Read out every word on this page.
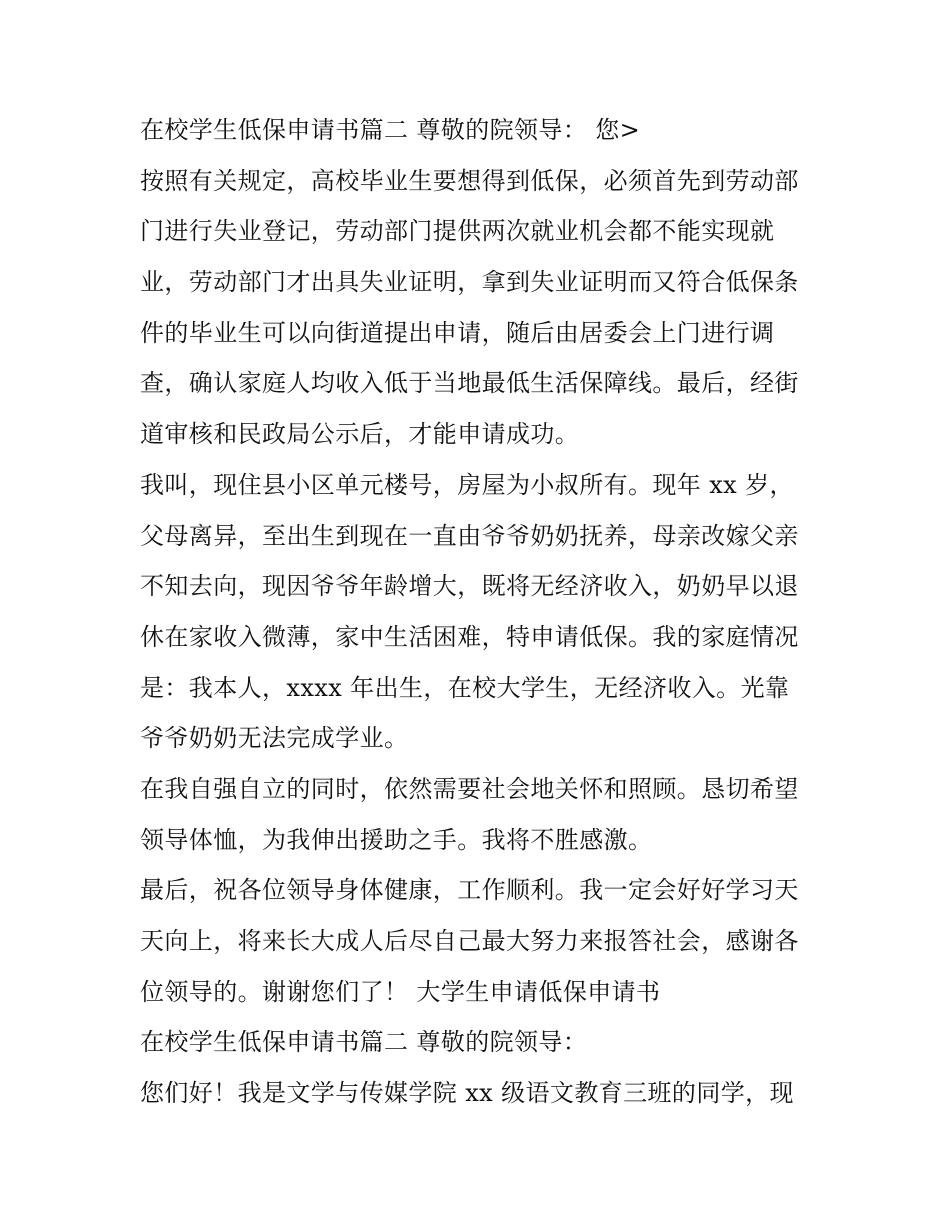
在校学生低保申请书篇二 尊敬的院领导： 您>
按照有关规定，高校毕业生要想得到低保，必须首先到劳动部
门进行失业登记，劳动部门提供两次就业机会都不能实现就
业，劳动部门才出具失业证明，拿到失业证明而又符合低保条
件的毕业生可以向街道提出申请，随后由居委会上门进行调
查，确认家庭人均收入低于当地最低生活保障线。最后，经街
道审核和民政局公示后，才能申请成功。
我叫，现住县小区单元楼号，房屋为小叔所有。现年 xx 岁，
父母离异，至出生到现在一直由爷爷奶奶抚养，母亲改嫁父亲
不知去向，现因爷爷年龄增大，既将无经济收入，奶奶早以退
休在家收入微薄，家中生活困难，特申请低保。我的家庭情况
是：我本人，xxxx 年出生，在校大学生，无经济收入。光靠
爷爷奶奶无法完成学业。
在我自强自立的同时，依然需要社会地关怀和照顾。恳切希望
领导体恤，为我伸出援助之手。我将不胜感激。
最后，祝各位领导身体健康，工作顺利。我一定会好好学习天
天向上，将来长大成人后尽自己最大努力来报答社会，感谢各
位领导的。谢谢您们了！ 大学生申请低保申请书
在校学生低保申请书篇二 尊敬的院领导：
您们好！我是文学与传媒学院 xx 级语文教育三班的同学，现
